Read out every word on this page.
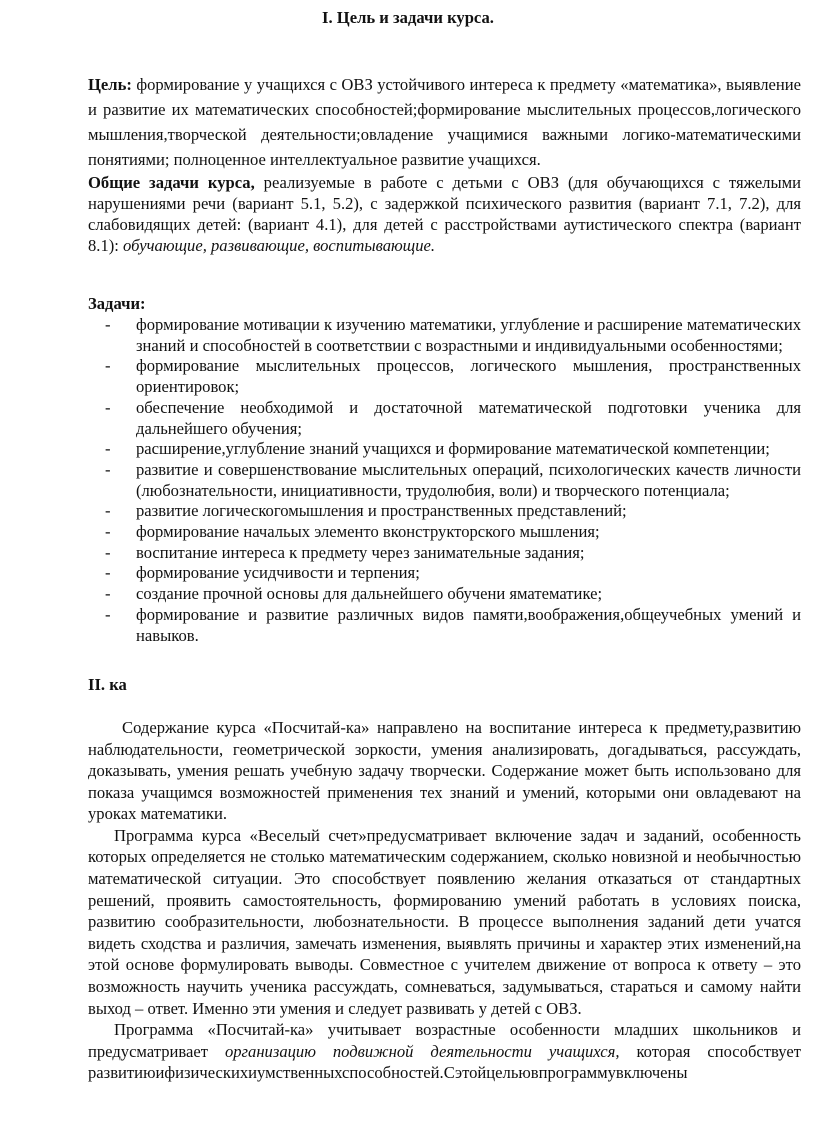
I. Цель и задачи курса.

Цель: формирование у учащихся с ОВЗ устойчивого интереса к предмету «математика», выявление и развитие их математических способностей;формирование мыслительных процессов,логического мышления,творческой деятельности;овладение учащимися важными логико-математическими понятиями; полноценное интеллектуальное развитие учащихся.

Общие задачи курса, реализуемые в работе с детьми с ОВЗ (для обучающихся с тяжелыми нарушениями речи (вариант 5.1, 5.2), с задержкой психического развития (вариант 7.1, 7.2), для слабовидящих детей: (вариант 4.1), для детей с расстройствами аутистического спектра (вариант 8.1): обучающие, развивающие, воспитывающие.

Задачи:
- формирование мотивации к изучению математики, углубление и расширение математических знаний и способностей в соответствии с возрастными и индивидуальными особенностями;
- формирование мыслительных процессов, логического мышления, пространственных ориентировок;
- обеспечение необходимой и достаточной математической подготовки ученика для дальнейшего обучения;
- расширение,углубление знаний учащихся и формирование математической компетенции;
- развитие и совершенствование мыслительных операций, психологических качеств личности (любознательности, инициативности, трудолюбия, воли) и творческого потенциала;
- развитие логическогомышления и пространственных представлений;
- формирование начальых элементо вконструкторского мышления;
- воспитание интереса к предмету через занимательные задания;
- формирование усидчивости и терпения;
- создание прочной основы для дальнейшего обучени яматематике;
- формирование и развитие различных видов памяти,воображения,общеучебных умений и навыков.
II. ка

Содержание курса «Посчитай-ка» направлено на воспитание интереса к предмету,развитию наблюдательности, геометрической зоркости, умения анализировать, догадываться, рассуждать, доказывать, умения решать учебную задачу творчески. Содержание может быть использовано для показа учащимся возможностей применения тех знаний и умений, которыми они овладевают на уроках математики.

Программа курса «Веселый счет»предусматривает включение задач и заданий, особенность которых определяется не столько математическим содержанием, сколько новизной и необычностью математической ситуации. Это способствует появлению желания отказаться от стандартных решений, проявить самостоятельность, формированию умений работать в условиях поиска, развитию сообразительности, любознательности. В процессе выполнения заданий дети учатся видеть сходства и различия, замечать изменения, выявлять причины и характер этих изменений,на этой основе формулировать выводы. Совместное с учителем движение от вопроса к ответу – это возможность научить ученика рассуждать, сомневаться, задумываться, стараться и самому найти выход – ответ. Именно эти умения и следует развивать у детей с ОВЗ.

Программа «Посчитай-ка» учитывает возрастные особенности младших школьников и предусматривает организацию подвижной деятельности учащихся, которая способствует развитиюифизическихиумственныхспособностей.Сэтойцельювпрограммувключены
